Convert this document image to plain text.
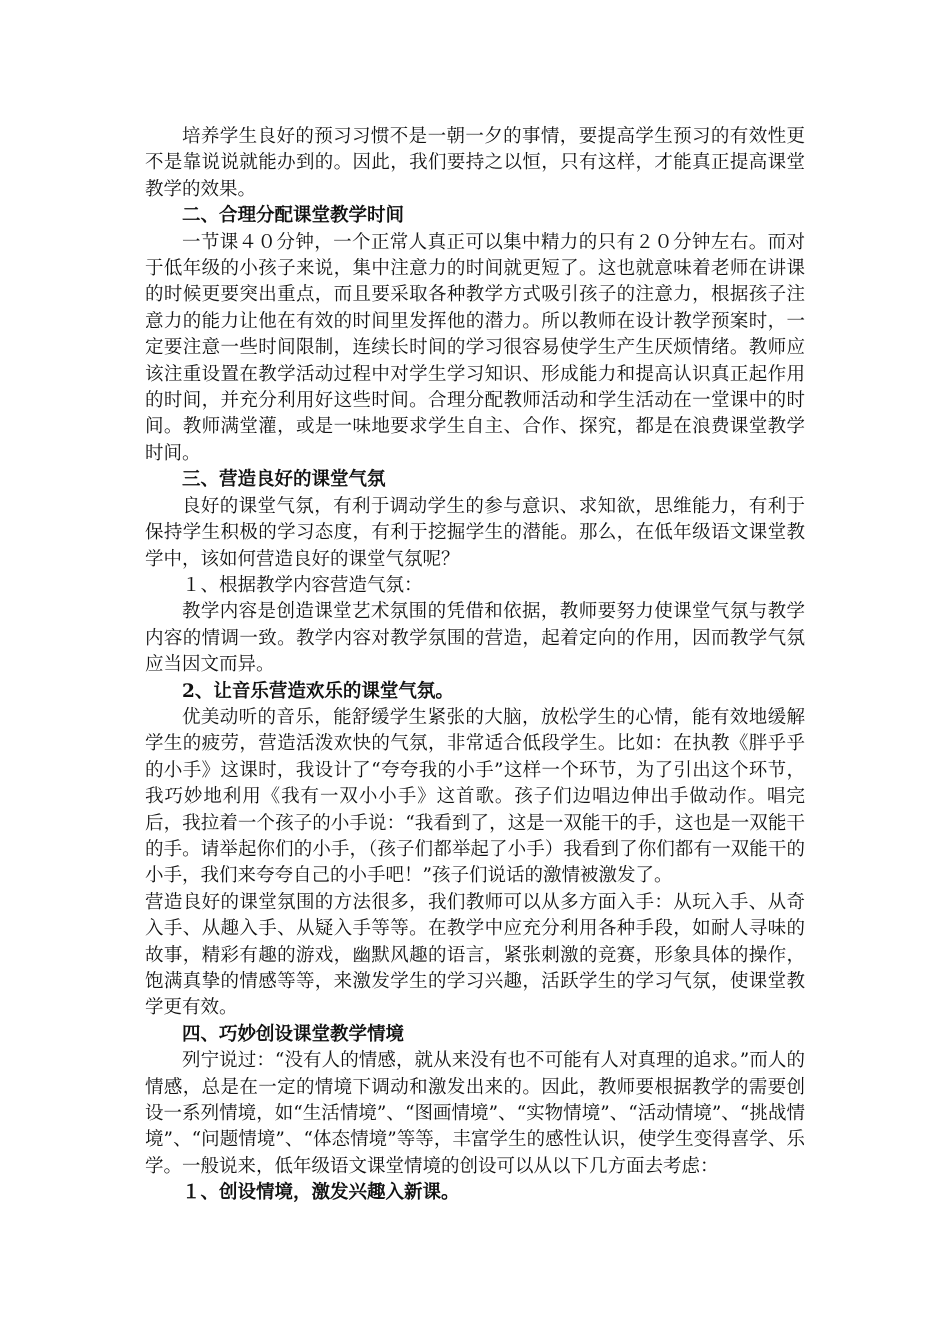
培养学生良好的预习习惯不是一朝一夕的事情，要提高学生预习的有效性更不是靠说说就能办到的。因此，我们要持之以恒，只有这样，才能真正提高课堂教学的效果。

二、合理分配课堂教学时间

一节课４０分钟，一个正常人真正可以集中精力的只有２０分钟左右。而对于低年级的小孩子来说，集中注意力的时间就更短了。这也就意味着老师在讲课的时候更要突出重点，而且要采取各种教学方式吸引孩子的注意力，根据孩子注意力的能力让他在有效的时间里发挥他的潜力。所以教师在设计教学预案时，一定要注意一些时间限制，连续长时间的学习很容易使学生产生厌烦情绪。教师应该注重设置在教学活动过程中对学生学习知识、形成能力和提高认识真正起作用的时间，并充分利用好这些时间。合理分配教师活动和学生活动在一堂课中的时间。教师满堂灌，或是一味地要求学生自主、合作、探究，都是在浪费课堂教学时间。

三、营造良好的课堂气氛

良好的课堂气氛，有利于调动学生的参与意识、求知欲，思维能力，有利于保持学生积极的学习态度，有利于挖掘学生的潜能。那么，在低年级语文课堂教学中，该如何营造良好的课堂气氛呢？

１、根据教学内容营造气氛：

教学内容是创造课堂艺术氛围的凭借和依据，教师要努力使课堂气氛与教学内容的情调一致。教学内容对教学氛围的营造，起着定向的作用，因而教学气氛应当因文而异。

2、让音乐营造欢乐的课堂气氛。

优美动听的音乐，能舒缓学生紧张的大脑，放松学生的心情，能有效地缓解学生的疲劳，营造活泼欢快的气氛，非常适合低段学生。比如：在执教《胖乎乎的小手》这课时，我设计了“夸夸我的小手”这样一个环节，为了引出这个环节，我巧妙地利用《我有一双小小手》这首歌。孩子们边唱边伸出手做动作。唱完后，我拉着一个孩子的小手说：“我看到了，这是一双能干的手，这也是一双能干的手。请举起你们的小手，（孩子们都举起了小手）我看到了你们都有一双能干的小手，我们来夸夸自己的小手吧！”孩子们说话的激情被激发了。

营造良好的课堂氛围的方法很多，我们教师可以从多方面入手：从玩入手、从奇入手、从趣入手、从疑入手等等。在教学中应充分利用各种手段，如耐人寻味的故事，精彩有趣的游戏，幽默风趣的语言，紧张刺激的竞赛，形象具体的操作，饱满真挚的情感等等，来激发学生的学习兴趣，活跃学生的学习气氛，使课堂教学更有效。

四、巧妙创设课堂教学情境

列宁说过：“没有人的情感，就从来没有也不可能有人对真理的追求。”而人的情感，总是在一定的情境下调动和激发出来的。因此，教师要根据教学的需要创设一系列情境，如“生活情境”、“图画情境”、“实物情境”、“活动情境”、“挑战情境”、“问题情境”、“体态情境”等等，丰富学生的感性认识，使学生变得喜学、乐学。一般说来，低年级语文课堂情境的创设可以从以下几方面去考虑：

１、创设情境，激发兴趣入新课。
